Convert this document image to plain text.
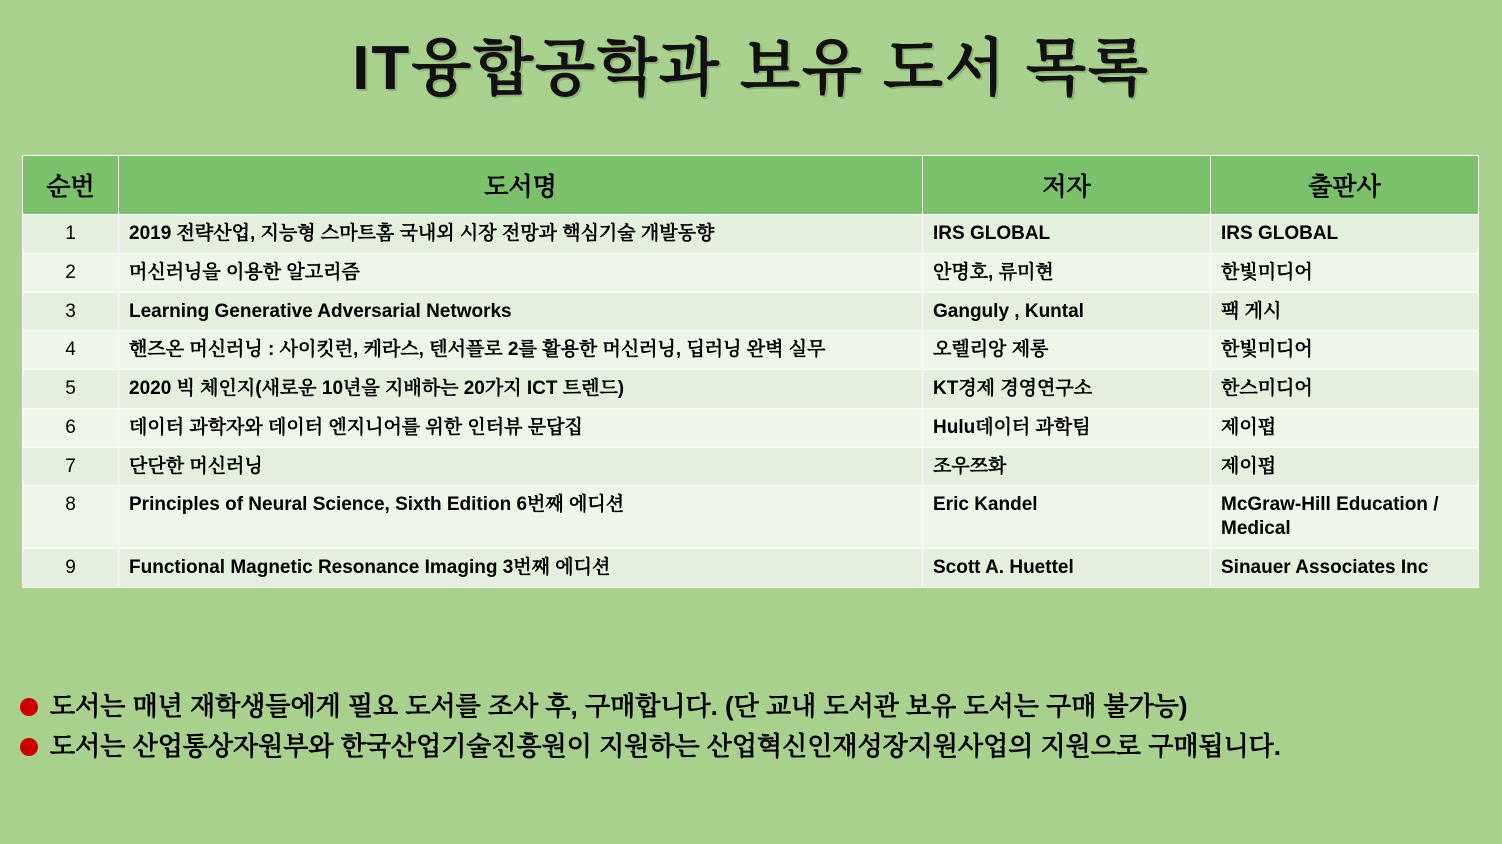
IT융합공학과 보유 도서 목록
순번	도서명	저자	출판사
1	2019 전략산업, 지능형 스마트홈 국내외 시장 전망과 핵심기술 개발동향	IRS GLOBAL	IRS GLOBAL
2	머신러닝을 이용한 알고리즘	안명호, 류미현	한빛미디어
3	Learning Generative Adversarial Networks	Ganguly , Kuntal	팩 게시
4	핸즈온 머신러닝 : 사이킷런, 케라스, 텐서플로 2를 활용한 머신러닝, 딥러닝 완벽 실무	오렐리앙 제롱	한빛미디어
5	2020 빅 체인지(새로운 10년을 지배하는 20가지 ICT 트렌드)	KT경제 경영연구소	한스미디어
6	데이터 과학자와 데이터 엔지니어를 위한 인터뷰 문답집	Hulu데이터 과학팀	제이펍
7	단단한 머신러닝	조우쯔화	제이펍
8	Principles of Neural Science, Sixth Edition 6번째 에디션	Eric Kandel	McGraw-Hill Education / Medical
9	Functional Magnetic Resonance Imaging 3번째 에디션	Scott A. Huettel	Sinauer Associates Inc
도서는 매년 재학생들에게 필요 도서를 조사 후, 구매합니다. (단 교내 도서관 보유 도서는 구매 불가능)
도서는 산업통상자원부와 한국산업기술진흥원이 지원하는 산업혁신인재성장지원사업의 지원으로 구매됩니다.
